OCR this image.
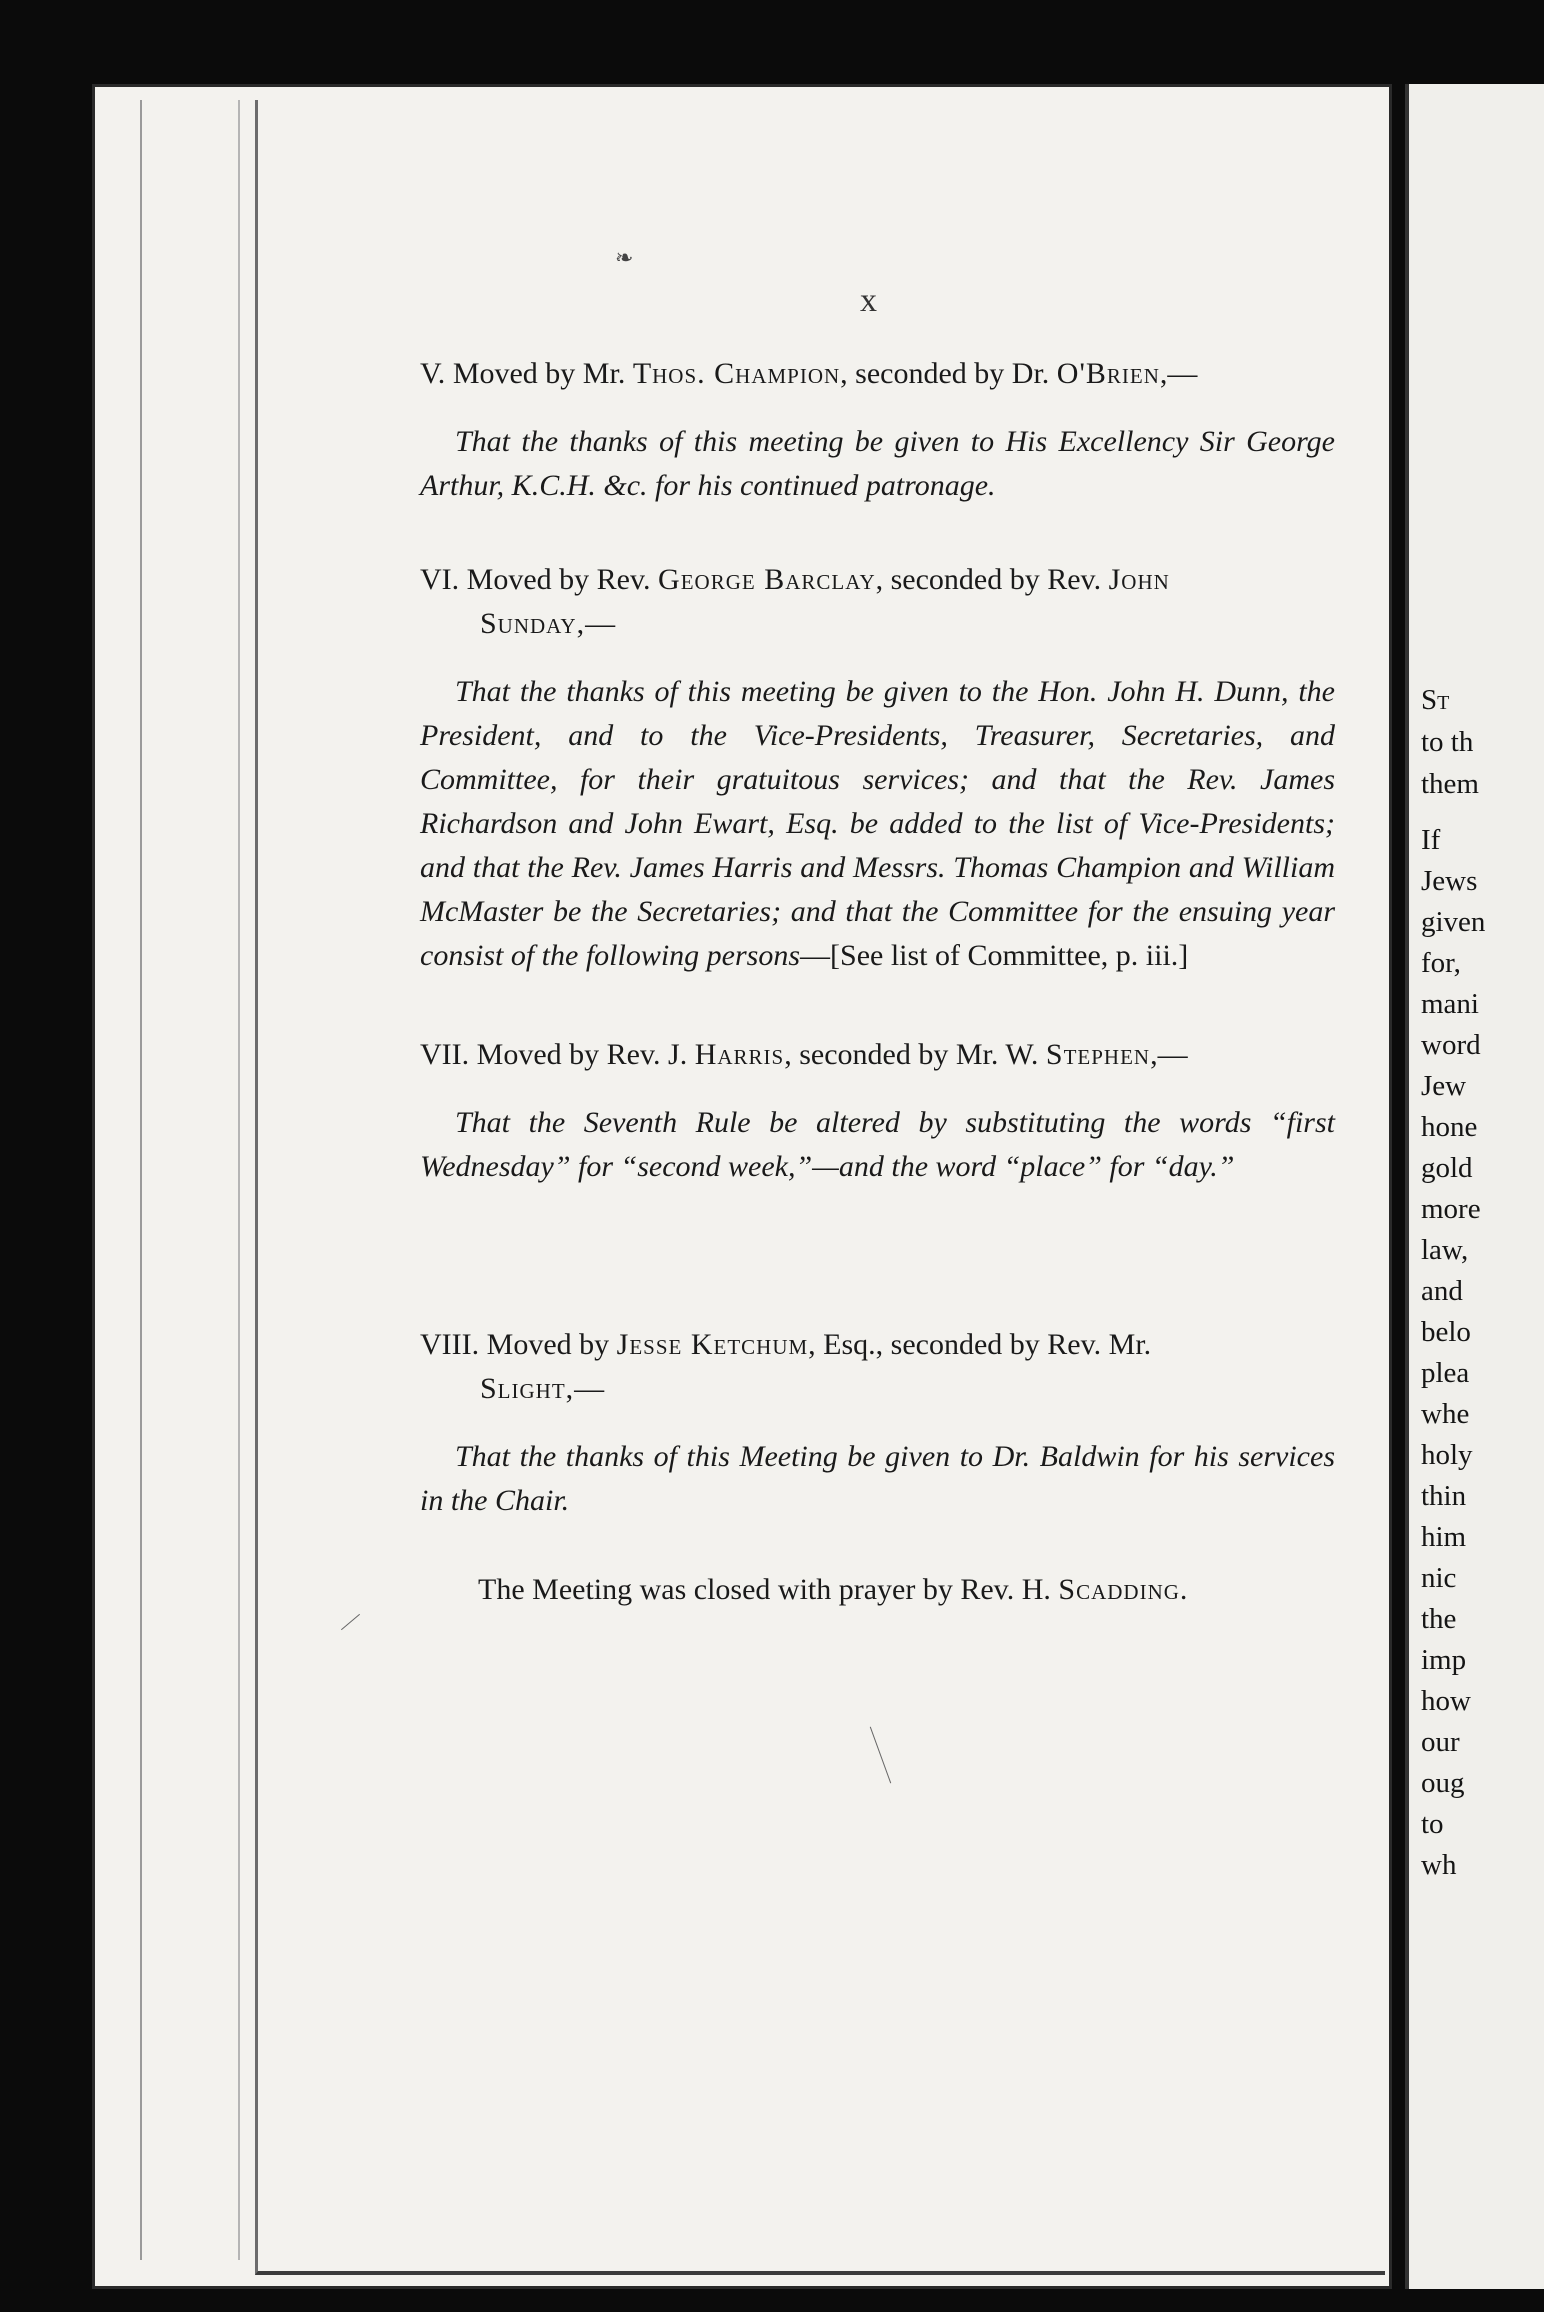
St
to th
them
If
Jews
given
for,
mani
word
Jew
hone
gold
more
law,
and
belo
plea
whe
holy
thin
him
nic
the
imp
how
our
oug
to
wh
❧
x

V. Moved by Mr. Thos. Champion, seconded by Dr. O'Brien,—

That the thanks of this meeting be given to His Excellency Sir George Arthur, K.C.H. &c. for his continued patronage.

VI. Moved by Rev. George Barclay, seconded by Rev. John
Sunday,—

That the thanks of this meeting be given to the Hon. John H. Dunn, the President, and to the Vice-Presidents, Treasurer, Secretaries, and Committee, for their gratuitous services; and that the Rev. James Richardson and John Ewart, Esq. be added to the list of Vice-Presidents; and that the Rev. James Harris and Messrs. Thomas Champion and William McMaster be the Secretaries; and that the Committee for the ensuing year consist of the following persons—[See list of Committee, p. iii.]

VII. Moved by Rev. J. Harris, seconded by Mr. W. Stephen,—

That the Seventh Rule be altered by substituting the words “first Wednesday” for “second week,”—and the word “place” for “day.”

VIII. Moved by Jesse Ketchum, Esq., seconded by Rev. Mr.
Slight,—

That the thanks of this Meeting be given to Dr. Baldwin for his services in the Chair.

The Meeting was closed with prayer by Rev. H. Scadding.
